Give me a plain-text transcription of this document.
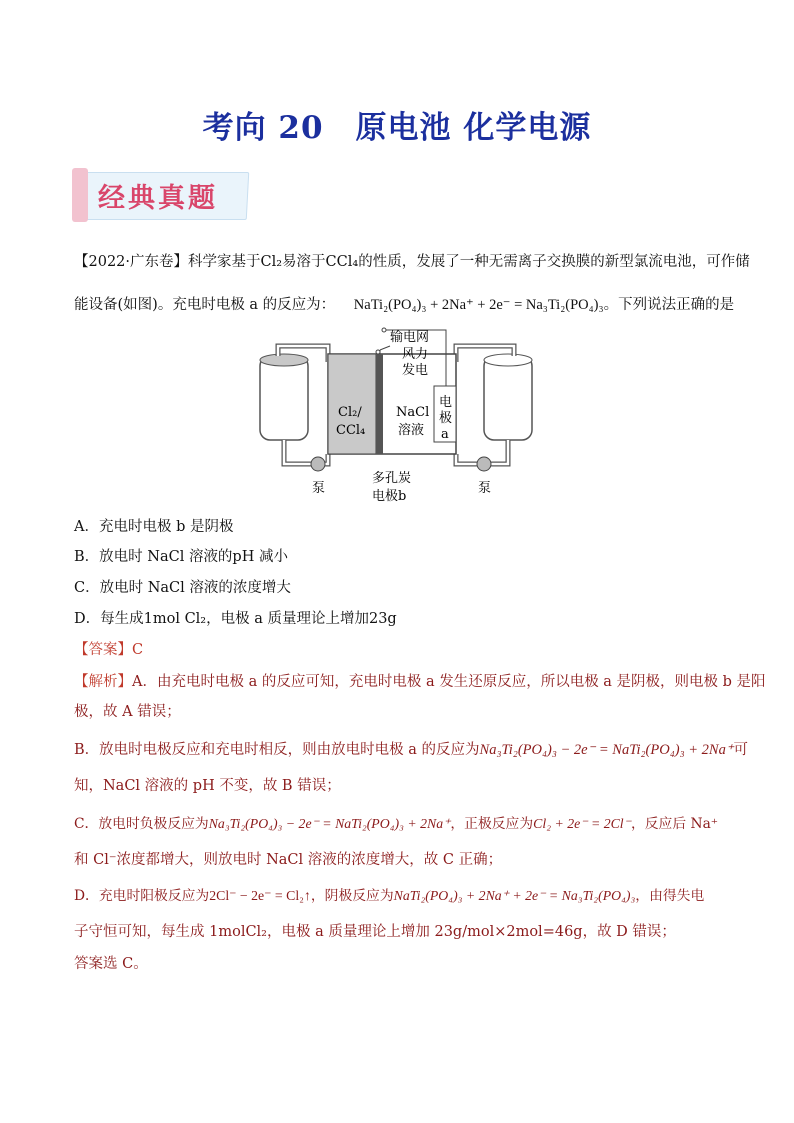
考向 20　原电池 化学电源
经典真题
【2022·广东卷】科学家基于Cl₂易溶于CCl₄的性质，发展了一种无需离子交换膜的新型氯流电池，可作储
能设备(如图)。充电时电极 a 的反应为： NaTi₂(PO₄)₃ + 2Na⁺ + 2e⁻ = Na₃Ti₂(PO₄)₃。下列说法正确的是
输电网
风力
发电
Cl₂/
CCl₄
NaCl
溶液
电
极
a
多孔炭
电极b
泵	泵
A．充电时电极 b 是阴极
B．放电时 NaCl 溶液的pH 减小
C．放电时 NaCl 溶液的浓度增大
D．每生成1mol Cl₂，电极 a 质量理论上增加23g
【答案】C
【解析】A．由充电时电极 a 的反应可知，充电时电极 a 发生还原反应，所以电极 a 是阴极，则电极 b 是阳
极，故 A 错误；
B．放电时电极反应和充电时相反，则由放电时电极 a 的反应为Na₃Ti₂(PO₄)₃ − 2e⁻ = NaTi₂(PO₄)₃ + 2Na⁺可
知，NaCl 溶液的 pH 不变，故 B 错误；
C．放电时负极反应为Na₃Ti₂(PO₄)₃ − 2e⁻ = NaTi₂(PO₄)₃ + 2Na⁺，正极反应为Cl₂ + 2e⁻ = 2Cl⁻，反应后 Na⁺
和 Cl⁻浓度都增大，则放电时 NaCl 溶液的浓度增大，故 C 正确；
D．充电时阳极反应为2Cl⁻ − 2e⁻ = Cl₂↑，阴极反应为NaTi₂(PO₄)₃ + 2Na⁺ + 2e⁻ = Na₃Ti₂(PO₄)₃，由得失电
子守恒可知，每生成 1molCl₂，电极 a 质量理论上增加 23g/mol×2mol=46g，故 D 错误；
答案选 C。
